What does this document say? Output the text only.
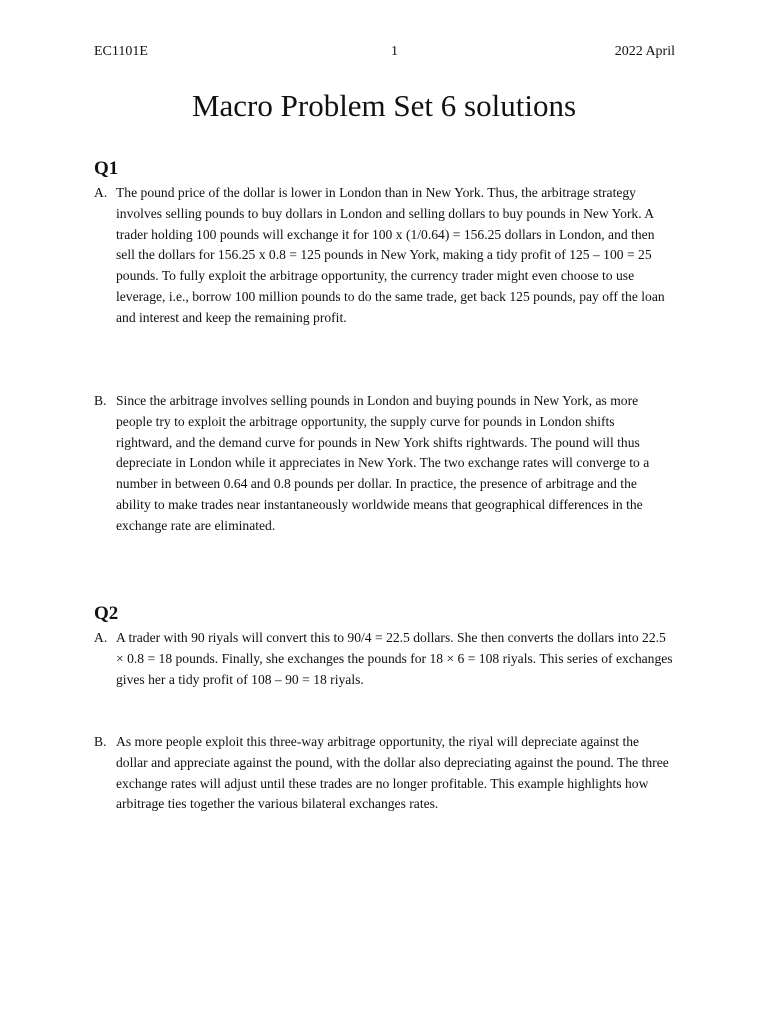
EC1101E	1	2022 April
Macro Problem Set 6 solutions
Q1
A. The pound price of the dollar is lower in London than in New York. Thus, the arbitrage strategy involves selling pounds to buy dollars in London and selling dollars to buy pounds in New York. A trader holding 100 pounds will exchange it for 100 x (1/0.64) = 156.25 dollars in London, and then sell the dollars for 156.25 x 0.8 = 125 pounds in New York, making a tidy profit of 125 – 100 = 25 pounds. To fully exploit the arbitrage opportunity, the currency trader might even choose to use leverage, i.e., borrow 100 million pounds to do the same trade, get back 125 pounds, pay off the loan and interest and keep the remaining profit.
B. Since the arbitrage involves selling pounds in London and buying pounds in New York, as more people try to exploit the arbitrage opportunity, the supply curve for pounds in London shifts rightward, and the demand curve for pounds in New York shifts rightwards. The pound will thus depreciate in London while it appreciates in New York. The two exchange rates will converge to a number in between 0.64 and 0.8 pounds per dollar. In practice, the presence of arbitrage and the ability to make trades near instantaneously worldwide means that geographical differences in the exchange rate are eliminated.
Q2
A. A trader with 90 riyals will convert this to 90/4 = 22.5 dollars. She then converts the dollars into 22.5 × 0.8 = 18 pounds. Finally, she exchanges the pounds for 18 × 6 = 108 riyals. This series of exchanges gives her a tidy profit of 108 – 90 = 18 riyals.
B. As more people exploit this three-way arbitrage opportunity, the riyal will depreciate against the dollar and appreciate against the pound, with the dollar also depreciating against the pound. The three exchange rates will adjust until these trades are no longer profitable. This example highlights how arbitrage ties together the various bilateral exchanges rates.
